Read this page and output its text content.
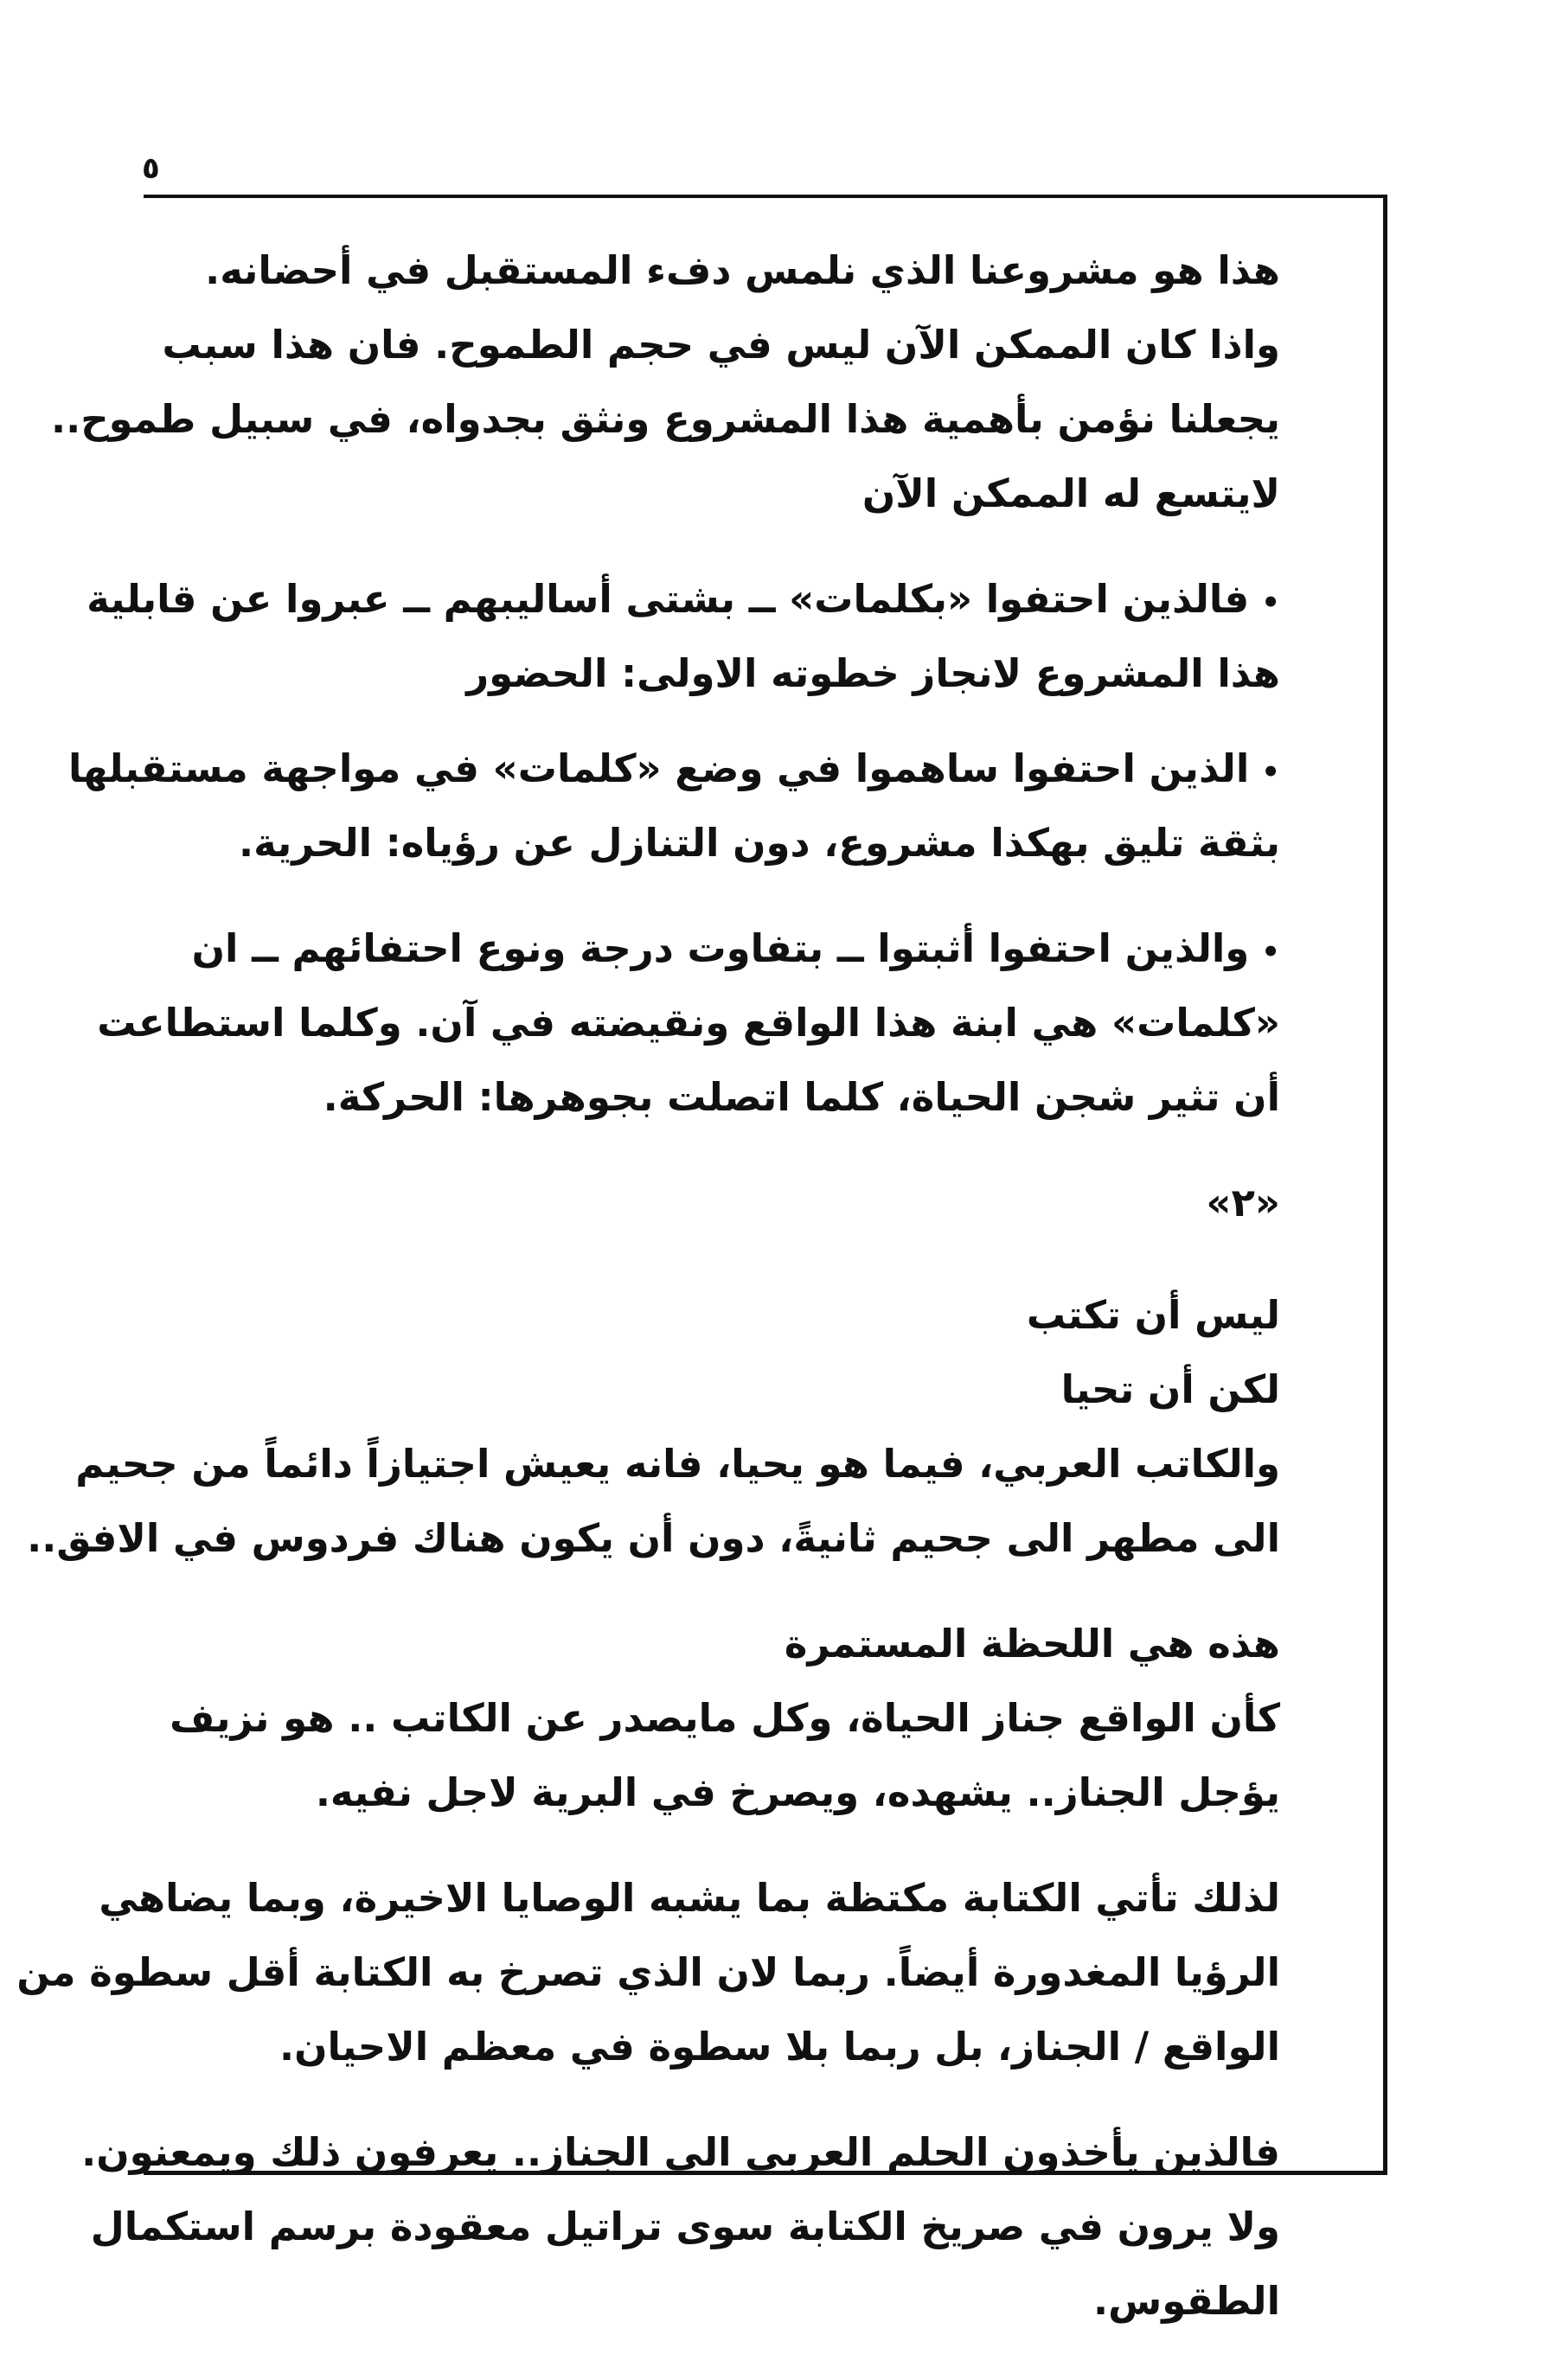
٥
هذا هو مشروعنا الذي نلمس دفء المستقبل في أحضانه.
واذا كان الممكن الآن ليس في حجم الطموح. فان هذا سبب
يجعلنا نؤمن بأهمية هذا المشروع ونثق بجدواه، في سبيل طموح..
لايتسع له الممكن الآن
•فالذين احتفوا «بكلمات» ــ بشتى أساليبهم ــ عبروا عن قابلية
هذا المشروع لانجاز خطوته الاولى: الحضور
•الذين احتفوا ساهموا في وضع «كلمات» في مواجهة مستقبلها
بثقة تليق بهكذا مشروع، دون التنازل عن رؤياه: الحرية.
•والذين احتفوا أثبتوا ــ بتفاوت درجة ونوع احتفائهم ــ ان
«كلمات» هي ابنة هذا الواقع ونقيضته في آن. وكلما استطاعت
أن تثير شجن الحياة، كلما اتصلت بجوهرها: الحركة.
«٢»
ليس أن تكتب
لكن أن تحيا
والكاتب العربي، فيما هو يحيا، فانه يعيش اجتيازاً دائماً من جحيم
الى مطهر الى جحيم ثانيةً، دون أن يكون هناك فردوس في الافق..
هذه هي اللحظة المستمرة
كأن الواقع جناز الحياة، وكل مايصدر عن الكاتب .. هو نزيف
يؤجل الجناز.. يشهده، ويصرخ في البرية لاجل نفيه.
لذلك تأتي الكتابة مكتظة بما يشبه الوصايا الاخيرة، وبما يضاهي
الرؤيا المغدورة أيضاً. ربما لان الذي تصرخ به الكتابة أقل سطوة من
الواقع / الجناز، بل ربما بلا سطوة في معظم الاحيان.
فالذين يأخذون الحلم العربي الى الجناز.. يعرفون ذلك ويمعنون.
ولا يرون في صريخ الكتابة سوى تراتيل معقودة برسم استكمال
الطقوس.
